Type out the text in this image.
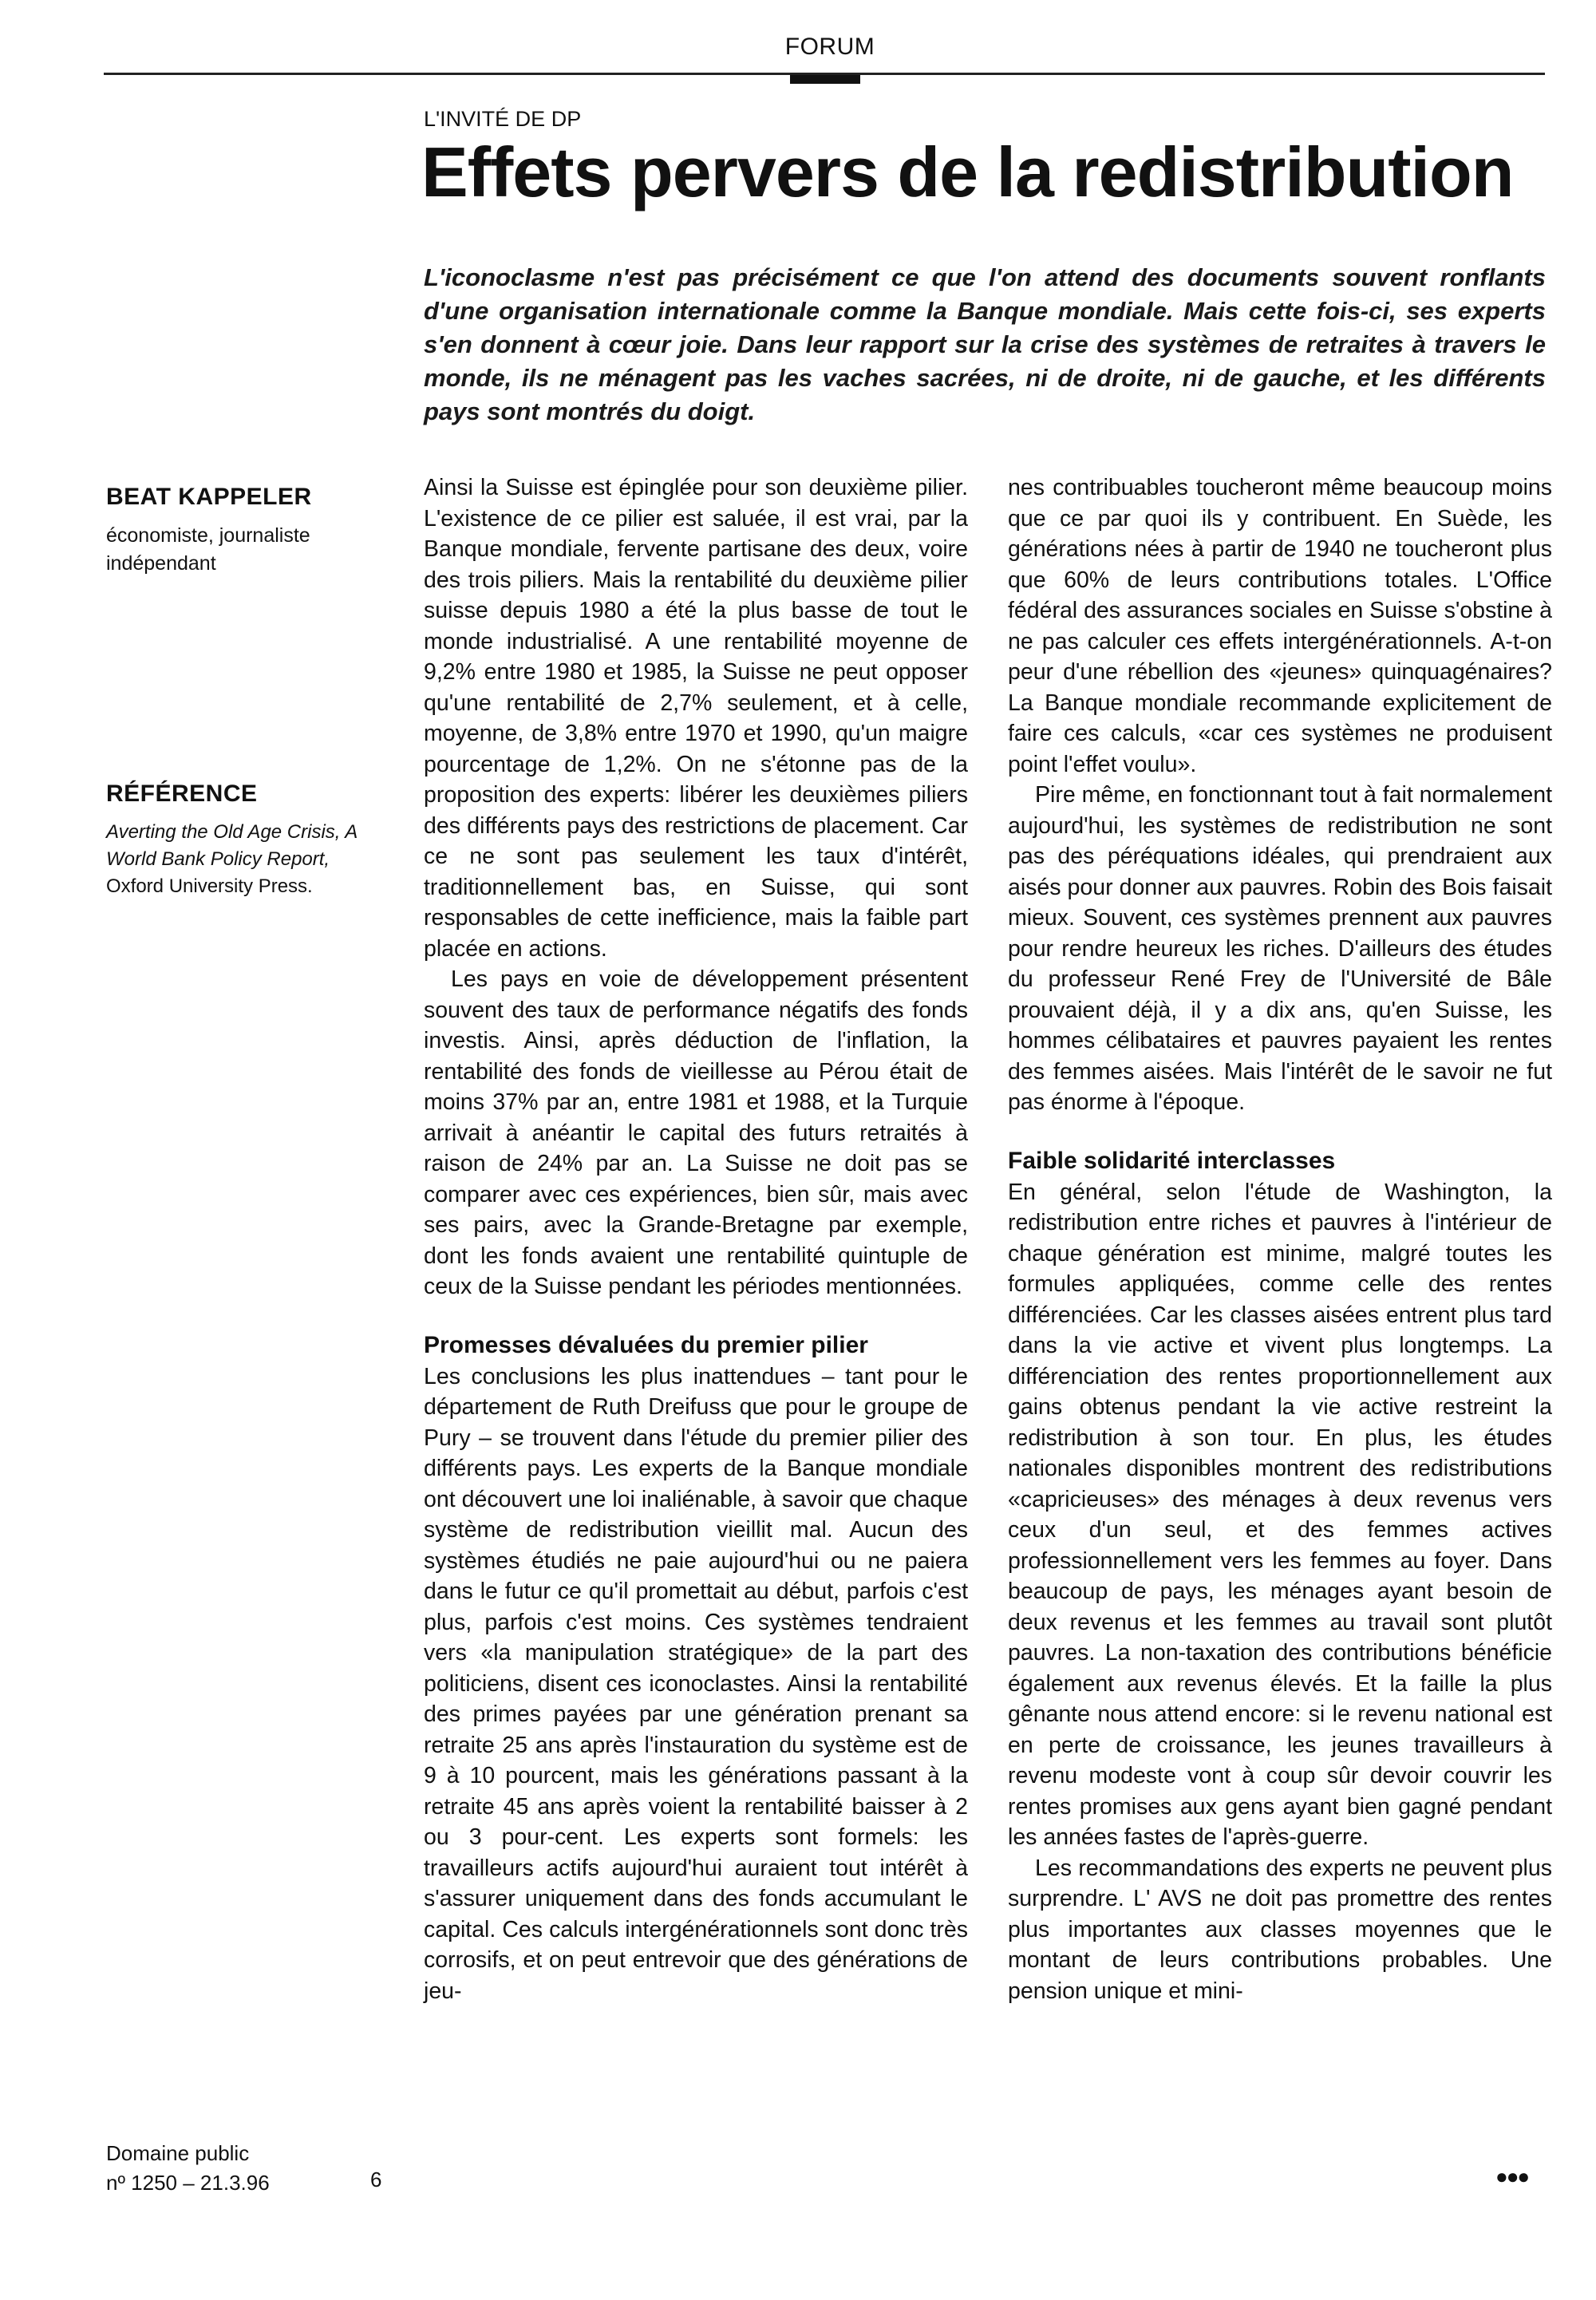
FORUM
L'INVITÉ DE DP
Effets pervers de la redistribution
L'iconoclasme n'est pas précisément ce que l'on attend des documents souvent ronflants d'une organisation internationale comme la Banque mondiale. Mais cette fois-ci, ses experts s'en donnent à cœur joie. Dans leur rapport sur la crise des systèmes de retraites à travers le monde, ils ne ménagent pas les vaches sacrées, ni de droite, ni de gauche, et les différents pays sont montrés du doigt.
BEAT KAPPELER
économiste, journaliste indépendant
RÉFÉRENCE
Averting the Old Age Crisis, A World Bank Policy Report,
Oxford University Press.

Ainsi la Suisse est épinglée pour son deuxième pilier. L'existence de ce pilier est saluée, il est vrai, par la Banque mondiale, fervente partisane des deux, voire des trois piliers. Mais la rentabilité du deuxième pilier suisse depuis 1980 a été la plus basse de tout le monde industrialisé. A une rentabilité moyenne de 9,2% entre 1980 et 1985, la Suisse ne peut opposer qu'une rentabilité de 2,7% seulement, et à celle, moyenne, de 3,8% entre 1970 et 1990, qu'un maigre pourcentage de 1,2%. On ne s'étonne pas de la proposition des experts: libérer les deuxièmes piliers des différents pays des restrictions de placement. Car ce ne sont pas seulement les taux d'intérêt, traditionnellement bas, en Suisse, qui sont responsables de cette inefficience, mais la faible part placée en actions.

Les pays en voie de développement présentent souvent des taux de performance négatifs des fonds investis. Ainsi, après déduction de l'inflation, la rentabilité des fonds de vieillesse au Pérou était de moins 37% par an, entre 1981 et 1988, et la Turquie arrivait à anéantir le capital des futurs retraités à raison de 24% par an. La Suisse ne doit pas se comparer avec ces expériences, bien sûr, mais avec ses pairs, avec la Grande-Bretagne par exemple, dont les fonds avaient une rentabilité quintuple de ceux de la Suisse pendant les périodes mentionnées.

Promesses dévaluées du premier pilier

Les conclusions les plus inattendues – tant pour le département de Ruth Dreifuss que pour le groupe de Pury – se trouvent dans l'étude du premier pilier des différents pays. Les experts de la Banque mondiale ont découvert une loi inaliénable, à savoir que chaque système de redistribution vieillit mal. Aucun des systèmes étudiés ne paie aujourd'hui ou ne paiera dans le futur ce qu'il promettait au début, parfois c'est plus, parfois c'est moins. Ces systèmes tendraient vers «la manipulation stratégique» de la part des politiciens, disent ces iconoclastes. Ainsi la rentabilité des primes payées par une génération prenant sa retraite 25 ans après l'instauration du système est de 9 à 10 pourcent, mais les générations passant à la retraite 45 ans après voient la rentabilité baisser à 2 ou 3 pour-cent. Les experts sont formels: les travailleurs actifs aujourd'hui auraient tout intérêt à s'assurer uniquement dans des fonds accumulant le capital. Ces calculs intergénérationnels sont donc très corrosifs, et on peut entrevoir que des générations de jeu-

nes contribuables toucheront même beaucoup moins que ce par quoi ils y contribuent. En Suède, les générations nées à partir de 1940 ne toucheront plus que 60% de leurs contributions totales. L'Office fédéral des assurances sociales en Suisse s'obstine à ne pas calculer ces effets intergénérationnels. A-t-on peur d'une rébellion des «jeunes» quinquagénaires? La Banque mondiale recommande explicitement de faire ces calculs, «car ces systèmes ne produisent point l'effet voulu».

Pire même, en fonctionnant tout à fait normalement aujourd'hui, les systèmes de redistribution ne sont pas des péréquations idéales, qui prendraient aux aisés pour donner aux pauvres. Robin des Bois faisait mieux. Souvent, ces systèmes prennent aux pauvres pour rendre heureux les riches. D'ailleurs des études du professeur René Frey de l'Université de Bâle prouvaient déjà, il y a dix ans, qu'en Suisse, les hommes célibataires et pauvres payaient les rentes des femmes aisées. Mais l'intérêt de le savoir ne fut pas énorme à l'époque.

Faible solidarité interclasses

En général, selon l'étude de Washington, la redistribution entre riches et pauvres à l'intérieur de chaque génération est minime, malgré toutes les formules appliquées, comme celle des rentes différenciées. Car les classes aisées entrent plus tard dans la vie active et vivent plus longtemps. La différenciation des rentes proportionnellement aux gains obtenus pendant la vie active restreint la redistribution à son tour. En plus, les études nationales disponibles montrent des redistributions «capricieuses» des ménages à deux revenus vers ceux d'un seul, et des femmes actives professionnellement vers les femmes au foyer. Dans beaucoup de pays, les ménages ayant besoin de deux revenus et les femmes au travail sont plutôt pauvres. La non-taxation des contributions bénéficie également aux revenus élevés. Et la faille la plus gênante nous attend encore: si le revenu national est en perte de croissance, les jeunes travailleurs à revenu modeste vont à coup sûr devoir couvrir les rentes promises aux gens ayant bien gagné pendant les années fastes de l'après-guerre.

Les recommandations des experts ne peuvent plus surprendre. L' AVS ne doit pas promettre des rentes plus importantes aux classes moyennes que le montant de leurs contributions probables. Une pension unique et mini-

●●●
Domaine public
nº 1250 – 21.3.96	6
